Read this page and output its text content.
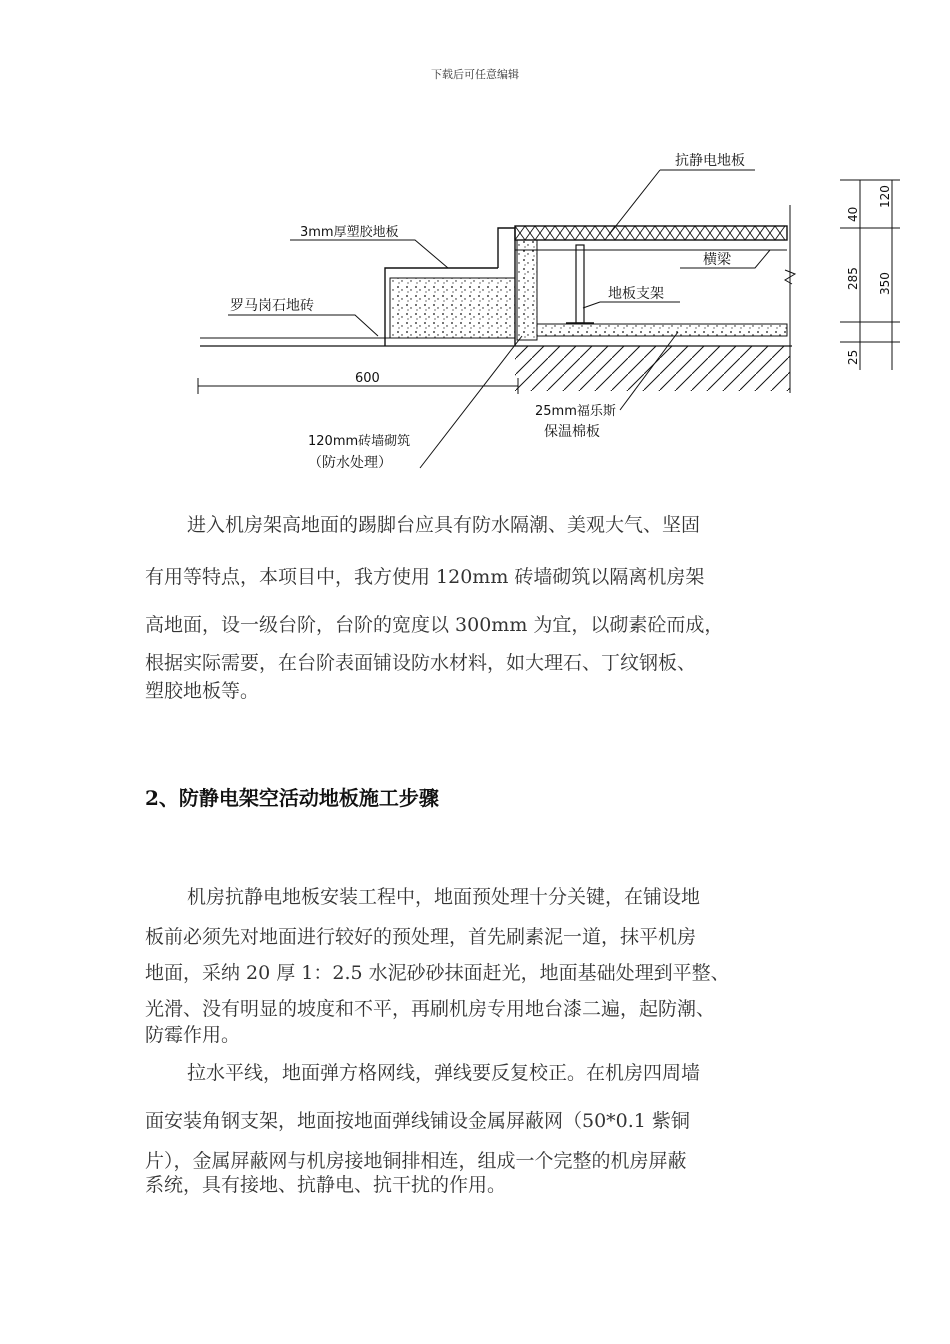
下载后可任意编辑
抗静电地板
3mm厚塑胶地板
横梁
地板支架
罗马岗石地砖
600
25mm福乐斯
保温棉板
120mm砖墙砌筑
（防水处理）
40
120
285 350
25
进入机房架高地面的踢脚台应具有防水隔潮、美观大气、坚固
有用等特点，本项目中，我方使用 120mm 砖墙砌筑以隔离机房架
高地面，设一级台阶，台阶的宽度以 300mm 为宜，以砌素砼而成，
根据实际需要，在台阶表面铺设防水材料，如大理石、丁纹钢板、
塑胶地板等。
2、防静电架空活动地板施工步骤
机房抗静电地板安装工程中，地面预处理十分关键，在铺设地
板前必须先对地面进行较好的预处理，首先刷素泥一道，抹平机房
地面，采纳 20 厚 1：2.5 水泥砂砂抹面赶光，地面基础处理到平整、
光滑、没有明显的坡度和不平，再刷机房专用地台漆二遍，起防潮、
防霉作用。
拉水平线，地面弹方格网线，弹线要反复校正。在机房四周墙
面安装角钢支架，地面按地面弹线铺设金属屏蔽网（50*0.1 紫铜
片），金属屏蔽网与机房接地铜排相连，组成一个完整的机房屏蔽
系统，具有接地、抗静电、抗干扰的作用。
